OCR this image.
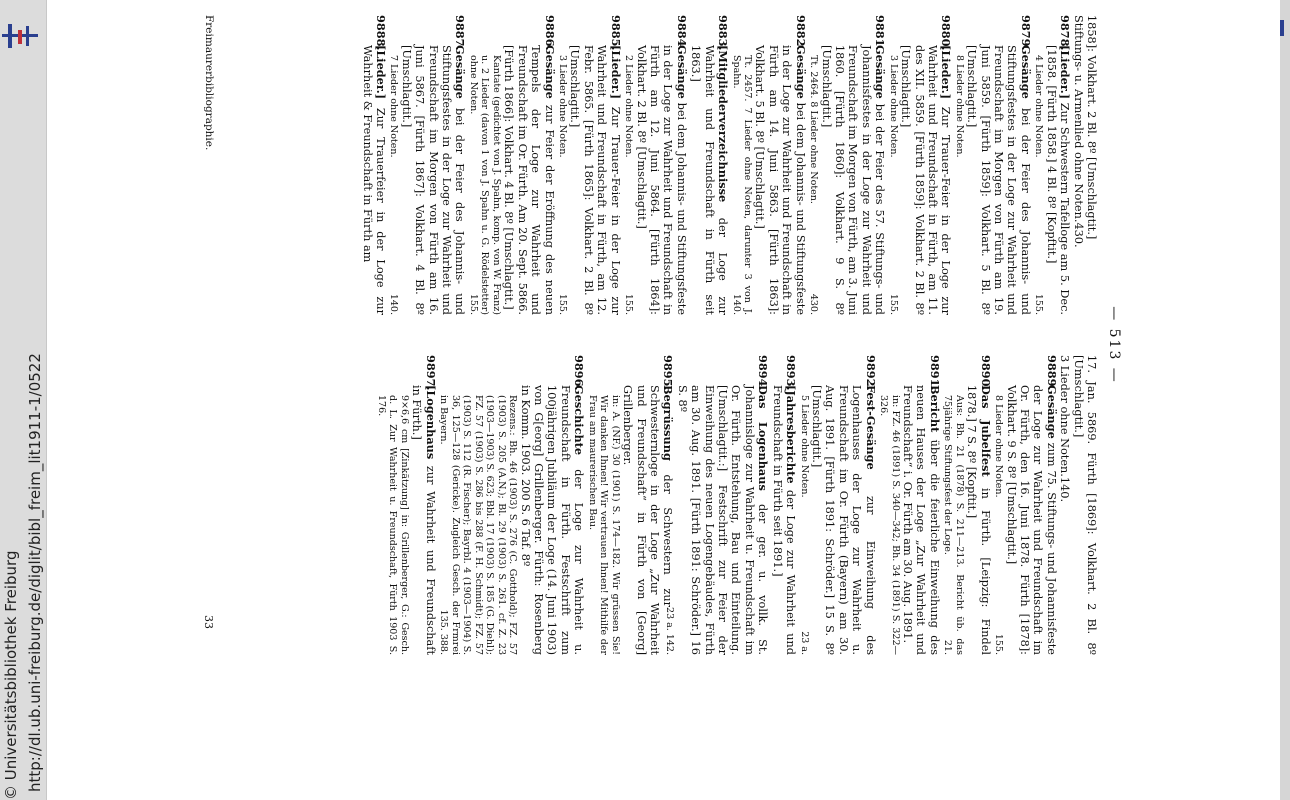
http://dl.ub.uni-freiburg.de/diglit/bibl_freim_lit1911-1/0522
© Universitätsbibliothek Freiburg
— 513 —
1858]: Volkhart. 2 Bl. 8º [Umschlagtit.]
Stiftungs- u. Armenlied ohne Noten.430.
9878.
[Lieder.] Zur Schwestern Tafelloge am 5. Dec. [1858. [Fürth 1858.] 4 Bl. 8º [Kopftit.]
4 Lieder ohne Noten.
155.
9879.
Gesänge bei der Feier des Johannis- und Stiftungsfestes in der Loge zur Wahrheit und Freundschaft im Morgen von Fürth am 19. Juni 5859. [Fürth 1859]: Volkhart. 5 Bl. 8º [Umschlagtit.]
8 Lieder ohne Noten.
9880.
[Lieder.] Zur Trauer-Feier in der Loge zur Wahrheit und Freundschaft in Fürth, am 11. des XII. 5859. [Fürth 1859]: Volkhart. 2 Bl. 8º [Umschlagtit.]
3 Lieder ohne Noten.
155.
9881.
Gesänge bei der Feier des 57. Stiftungs- und Johannisfestes in der Loge zur Wahrheit und Freundschaft im Morgen von Fürth, am 3. Juni 1860. [Fürth 1860]: Volkhart. 9 S. 8º [Umschlagtit.]
Tt. 2464. 8 Lieder ohne Noten.
430.
9882.
Gesänge bei dem Johannis- und Stiftungsfeste in der Loge zur Wahrheit und Freundschaft in Fürth am 14. Juni 5863. [Fürth 1863]: Volkhart. 5 Bl. 8º [Umschlagtit.]
Tt. 2457. 7 Lieder ohne Noten, darunter 3 von J. Spahn.
140.
9883.
[Mitgliederverzeichnisse der Loge zur Wahrheit und Freundschaft in Fürth seit 1863.]
9884.
Gesänge bei dem Johannis- und Stiftungsfeste in der Loge zur Wahrheit und Freundschaft in Fürth am 12. Juni 5864. [Fürth 1864]: Volkhart. 2 Bl. 8º [Umschlagtit.]
2 Lieder ohne Noten.
155.
9885.
[Lieder.] Zur Trauer-Feier in der Loge zur Wahrheit und Freundschaft in Fürth, am 12. Febr. 5865. [Fürth 1865]: Volkhart. 2 Bl. 8º [Umschlagtit.]
3 Lieder ohne Noten.
155.
9886.
Gesänge zur Feier der Eröffnung des neuen Tempels der Loge zur Wahrheit und Freundschaft im Or. Fürth. Am 20. Sept. 5866. [Fürth 1866]: Volkhart. 4 Bl. 8º [Umschlagtit.]
Kantate (gedichtet von J. Spahn, komp. von W. Franz) u. 2 Lieder (davon 1 von J. Spahn u. G. Rödelstetter) ohne Noten.
155.
9887.
Gesänge bei der Feier des Johannis- und Stiftungsfestes in der Loge zur Wahrheit und Freundschaft im Morgen von Fürth am 16. Juni 5867. [Fürth 1867]: Volkhart. 4 Bl. 8º [Umschlagtit.]
7 Lieder ohne Noten.
140.
9888.
[Lieder.] Zur Trauerfeier in der Loge zur Wahrheit & Freundschaft in Fürth am
17. Jan. 5869. Fürth [1869]: Volkhart. 2 Bl. 8º [Umschlagtit.]
3 Lieder ohne Noten.140.
9889.
Gesänge zum 75. Stiftungs- und Johannisfeste der Loge zur Wahrheit und Freundschaft im Or. Fürth, den 16. Juni 1878. Fürth [1878]: Volkhart. 9 S. 8º [Umschlagtit.]
8 Lieder ohne Noten.
155.
9890.
Das Jubelfest in Fürth. [Leipzig: Findel 1878.] 7 S. 8º [Kopftit.]
Aus: Bh. 21 (1878) S. 211—213. Bericht üb. das 75jährige Stiftungsfest der Loge.
21.
9891.
Bericht über die feierliche Einweihung des neuen Hauses der Loge „Zur Wahrheit und Freundschaft“ i. Or. Fürth am 30. Aug. 1891.
in: FZ. 46 (1891) S. 340—342; Bh. 34 (1891) S. 322—326.
9892.
Fest-Gesänge zur Einweihung des Logenhauses der Loge zur Wahrheit u. Freundschaft im Or. Fürth (Bayern) am 30. Aug. 1891. [Fürth 1891: Schröder.] 15 S. 8º [Umschlagtit.]
5 Lieder ohne Noten.
23 a.
9893.
[Jahresberichte der Loge zur Wahrheit und Freundschaft in Fürth seit 1891.]
9894.
Das Logenhaus der ger. u. vollk. St. Johannisloge zur Wahrheit u. Freundschaft im Or. Fürth. Entstehung, Bau und Einteilung. [Umschlagtit.:] Festschrift zur Feier der Einweihung des neuen Logengebäudes, Fürth am 30. Aug. 1891. [Fürth 1891: Schröder.] 16 S. 8º
23 a. 142.
9895.
Begrüssung der Schwestern zur Schwesternloge in der Loge „Zur Wahrheit und Freundschaft“ in Fürth von [Georg] Grillenberger.
in: A. (NF.) 30 (1901) S. 174—182. Wir grüssen Sie! Wir danken Ihnen! Wir vertrauen Ihnen! Mithilfe der Frau am maurerischen Bau.
9896.
Geschichte der Loge zur Wahrheit u. Freundschaft in Fürth. Festschrift zum 100jährigen Jubiläum der Loge (14. Juni 1903) von G[eorg] Grillenberger. Fürth: Rosenberg in Komm. 1903. 200 S. 6 Taf. 8º
Rezens.: Bh. 46 (1903) S. 276 (C. Gotthold); FZ. 57 (1903) S. 205 (A.N.); Bl. 29 (1903) S. 261. cf. Z. 23 (1903—1903) S. 623; Bbl. 17 (1903) S. 185 (G. Diehl); FZ. 57 (1903) S. 286 bis 288 (F. H. Schmidt); FZ. 57 (1903) S. 112 (R. Fischer); Bayrbl. 4 (1903—1904) S. 36, 125—128 (Gericke). Zugleich Gesch. der Frmrei in Bayern.
135. 388.
9897.
[Logenhaus zur Wahrheit und Freundschaft in Fürth.]
9×6,6 cm [Zinkätzung] in: Grillenberger, G.: Gesch. d. L. Zur Wahrheit u. Freundschaft, Fürth 1903 S. 176.
Freimaurerbibliographie.
33
